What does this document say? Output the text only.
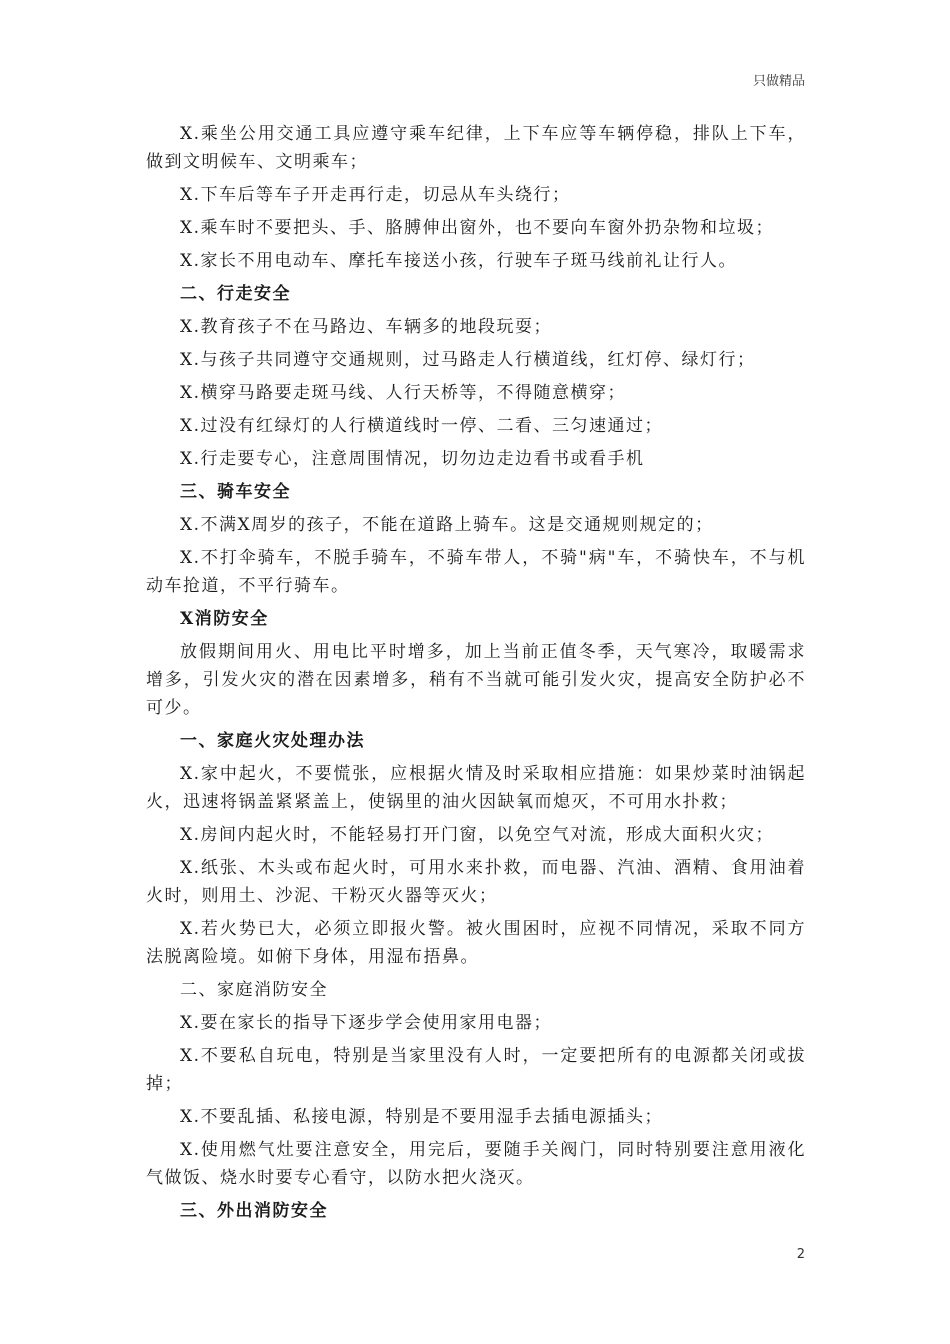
只做精品

X.乘坐公用交通工具应遵守乘车纪律，上下车应等车辆停稳，排队上下车，做到文明候车、文明乘车；

X.下车后等车子开走再行走，切忌从车头绕行；

X.乘车时不要把头、手、胳膊伸出窗外，也不要向车窗外扔杂物和垃圾；

X.家长不用电动车、摩托车接送小孩，行驶车子斑马线前礼让行人。

二、行走安全

X.教育孩子不在马路边、车辆多的地段玩耍；

X.与孩子共同遵守交通规则，过马路走人行横道线，红灯停、绿灯行；

X.横穿马路要走斑马线、人行天桥等，不得随意横穿；

X.过没有红绿灯的人行横道线时一停、二看、三匀速通过；

X.行走要专心，注意周围情况，切勿边走边看书或看手机

三、骑车安全

X.不满X周岁的孩子，不能在道路上骑车。这是交通规则规定的；

X.不打伞骑车，不脱手骑车，不骑车带人，不骑"病"车，不骑快车，不与机动车抢道，不平行骑车。

X消防安全

放假期间用火、用电比平时增多，加上当前正值冬季，天气寒冷，取暖需求增多，引发火灾的潜在因素增多，稍有不当就可能引发火灾，提高安全防护必不可少。

一、家庭火灾处理办法

X.家中起火，不要慌张，应根据火情及时采取相应措施：如果炒菜时油锅起火，迅速将锅盖紧紧盖上，使锅里的油火因缺氧而熄灭，不可用水扑救；

X.房间内起火时，不能轻易打开门窗，以免空气对流，形成大面积火灾；

X.纸张、木头或布起火时，可用水来扑救，而电器、汽油、酒精、食用油着火时，则用土、沙泥、干粉灭火器等灭火；

X.若火势已大，必须立即报火警。被火围困时，应视不同情况，采取不同方法脱离险境。如俯下身体，用湿布捂鼻。

二、家庭消防安全

X.要在家长的指导下逐步学会使用家用电器；

X.不要私自玩电，特别是当家里没有人时，一定要把所有的电源都关闭或拔掉；

X.不要乱插、私接电源，特别是不要用湿手去插电源插头；

X.使用燃气灶要注意安全，用完后，要随手关阀门，同时特别要注意用液化气做饭、烧水时要专心看守，以防水把火浇灭。

三、外出消防安全

2
